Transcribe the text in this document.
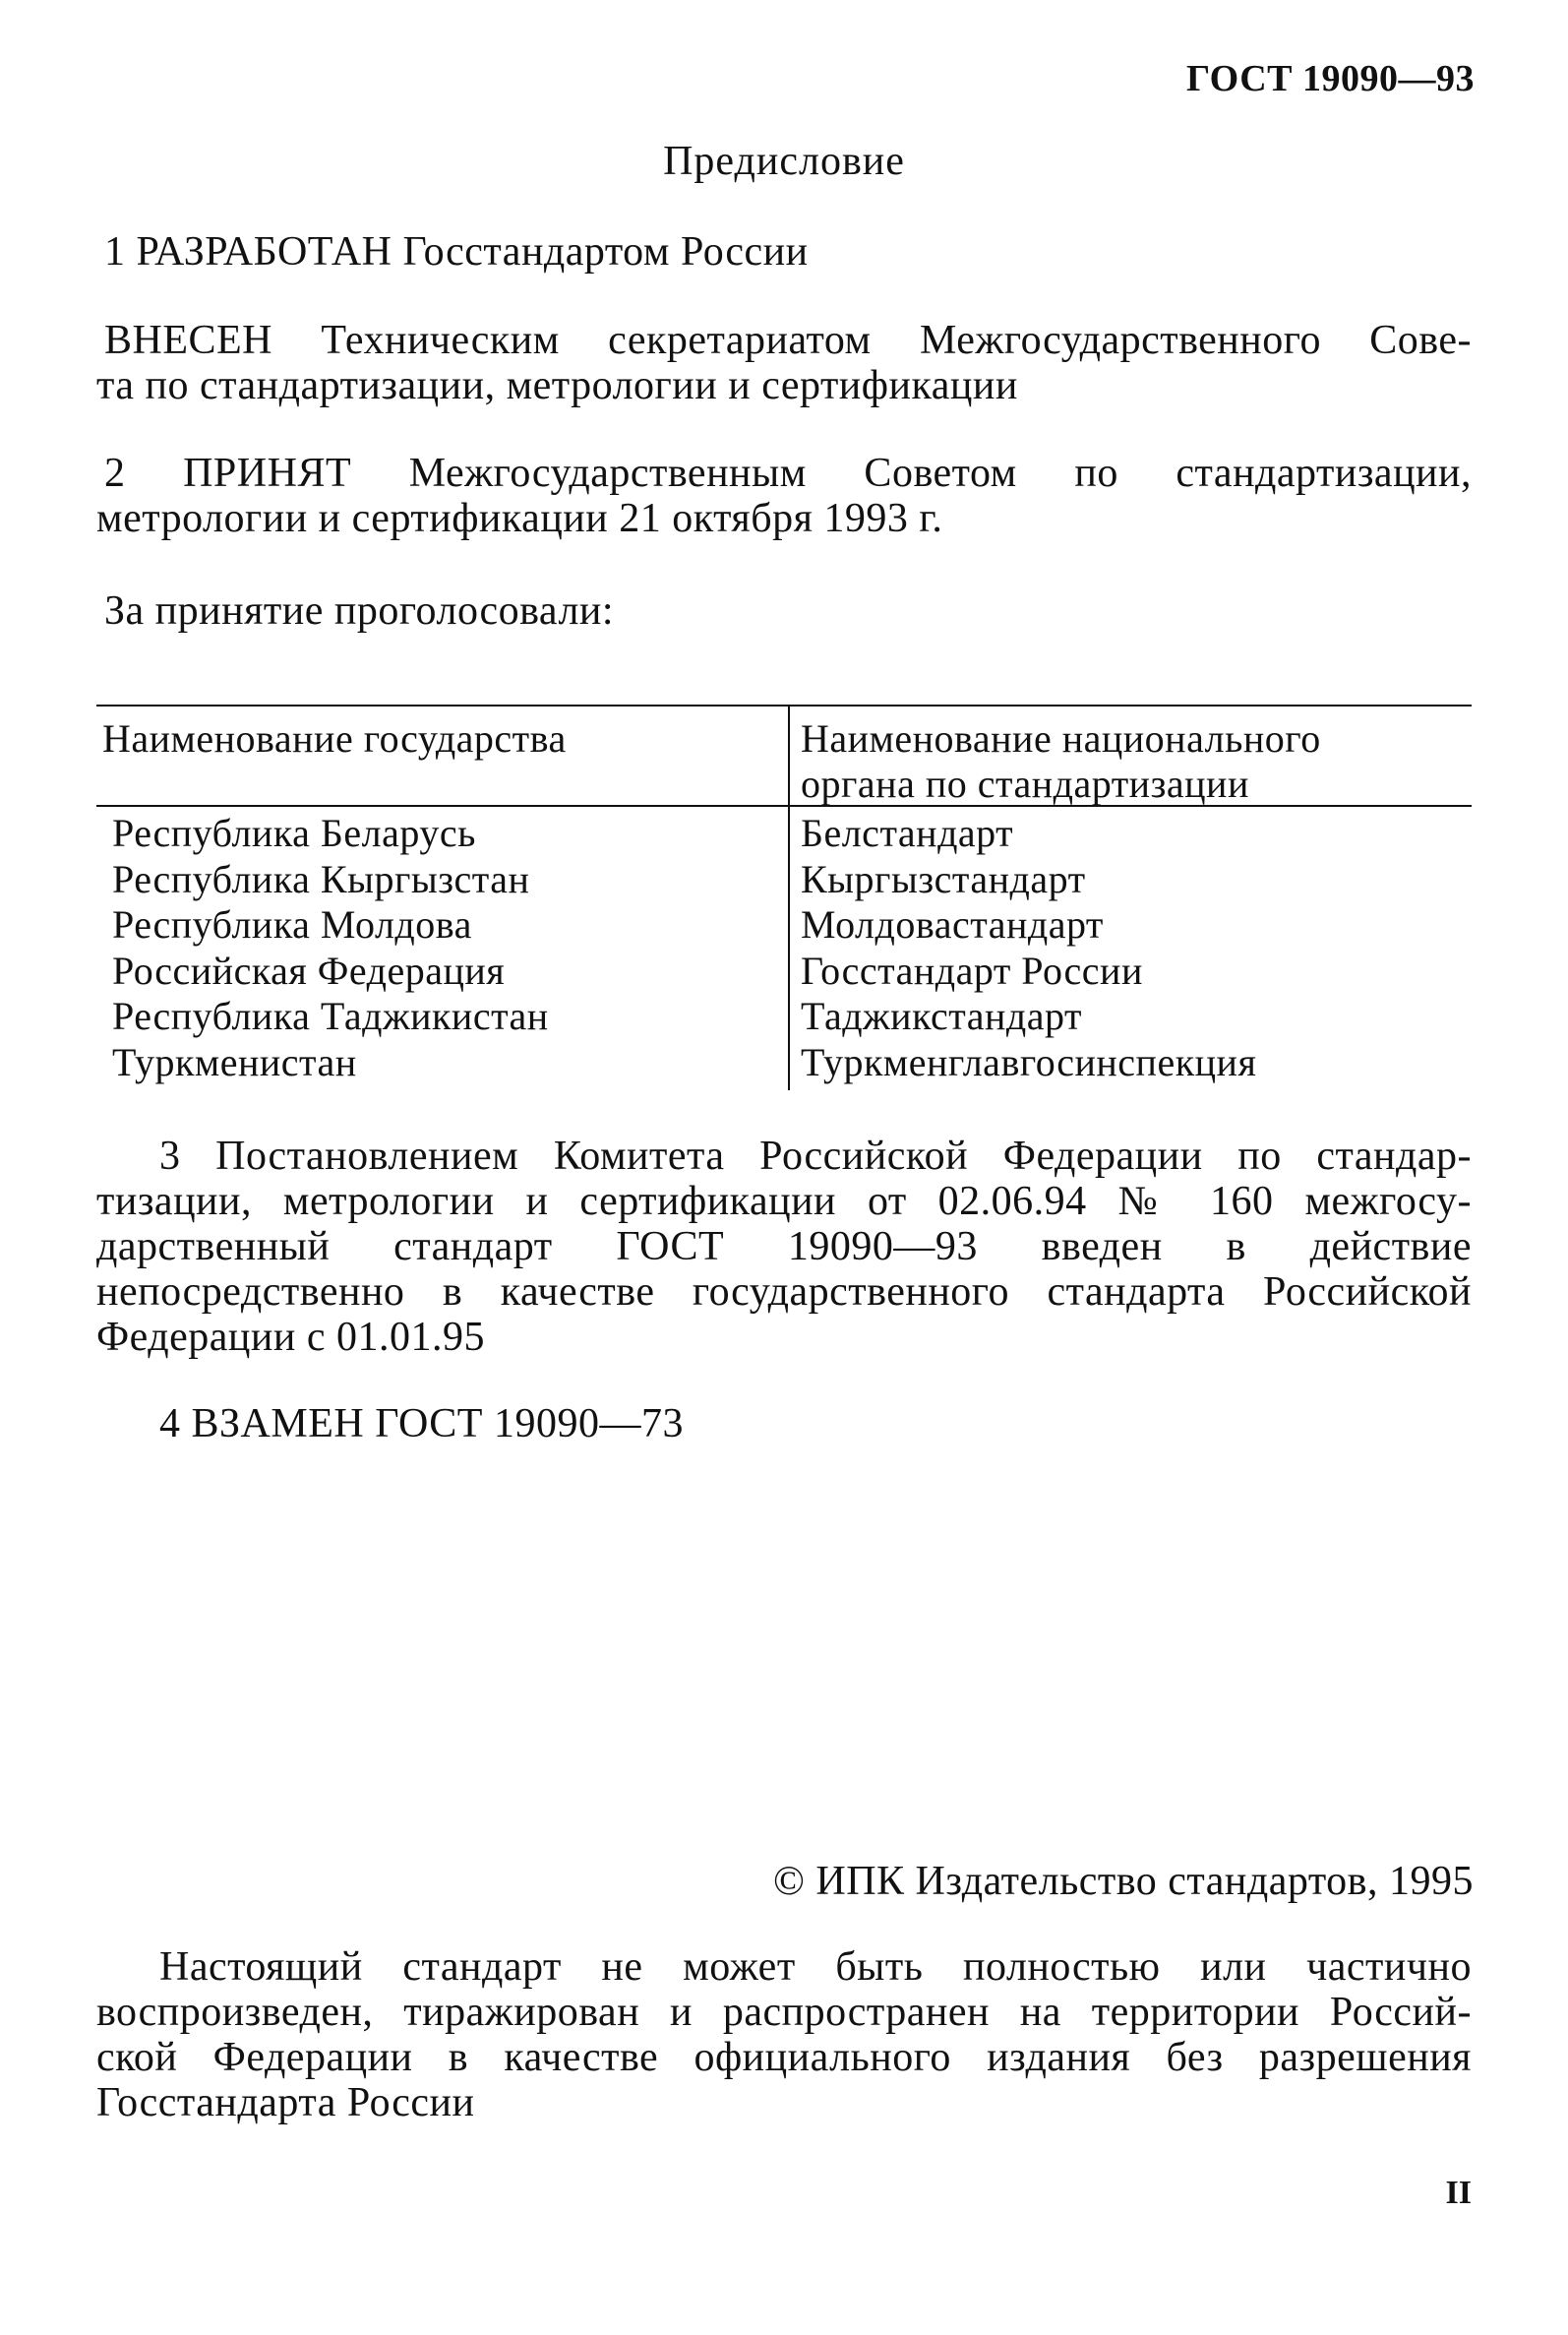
ГОСТ 19090—93
Предисловие
1 РАЗРАБОТАН Госстандартом России
ВНЕСЕН Техническим секретариатом Межгосударственного Сове-
та по стандартизации, метрологии и сертификации
2 ПРИНЯТ Межгосударственным Советом по стандартизации,
метрологии и сертификации 21 октября 1993 г.
За принятие проголосовали:
Наименование государства	Наименование национального
органа по стандартизации
Республика Беларусь
Республика Кыргызстан
Республика Молдова
Российская Федерация
Республика Таджикистан
Туркменистан
Белстандарт
Кыргызстандарт
Молдовастандарт
Госстандарт России
Таджикстандарт
Туркменглавгосинспекция
3 Постановлением Комитета Российской Федерации по стандар-
тизации, метрологии и сертификации от 02.06.94 № 160 межгосу-
дарственный стандарт ГОСТ 19090—93 введен в действие
непосредственно в качестве государственного стандарта Российской
Федерации с 01.01.95
4 ВЗАМЕН ГОСТ 19090—73
© ИПК Издательство стандартов, 1995
Настоящий стандарт не может быть полностью или частично
воспроизведен, тиражирован и распространен на территории Россий-
ской Федерации в качестве официального издания без разрешения
Госстандарта России
II
